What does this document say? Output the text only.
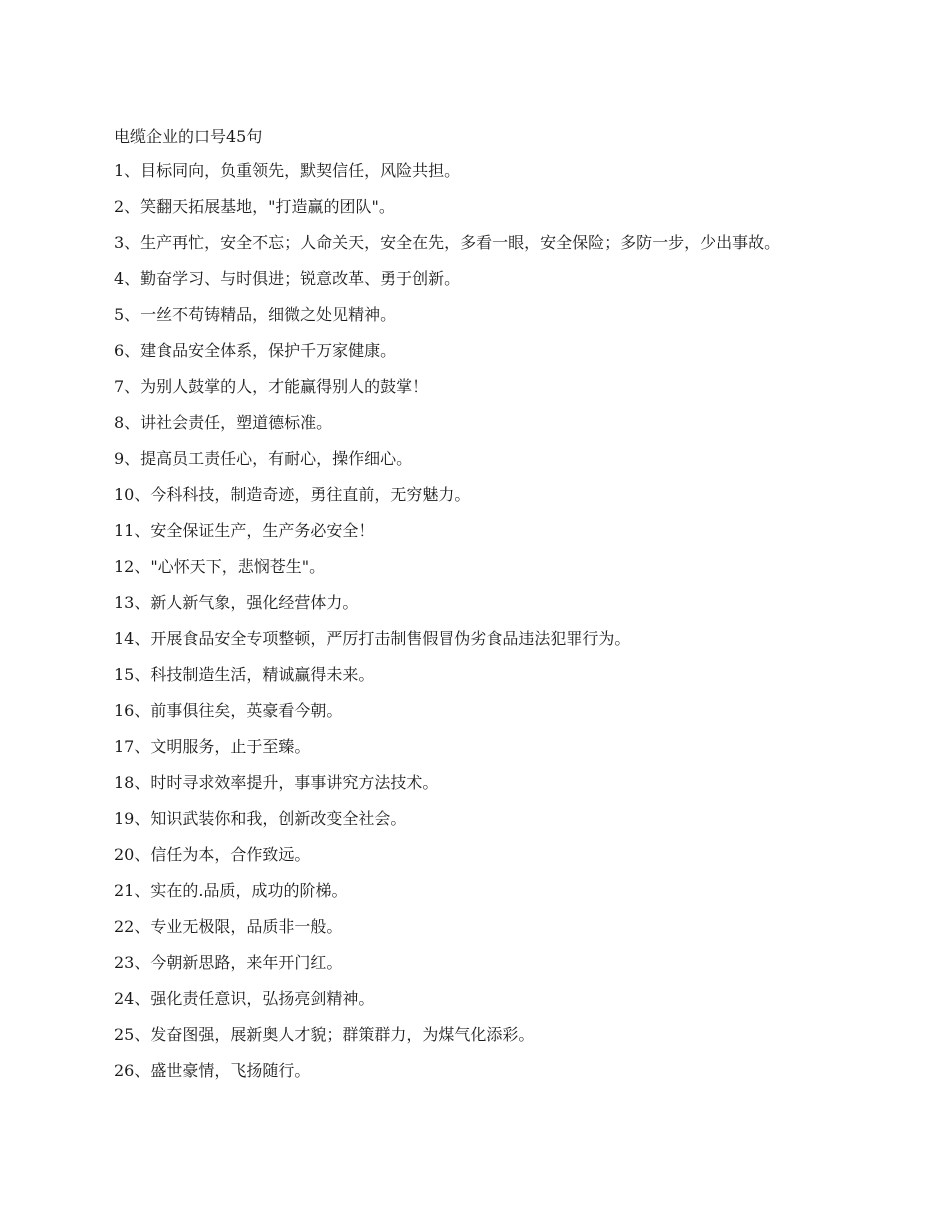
电缆企业的口号45句
1、目标同向，负重领先，默契信任，风险共担。
2、笑翻天拓展基地，"打造赢的团队"。
3、生产再忙，安全不忘；人命关天，安全在先，多看一眼，安全保险；多防一步，少出事故。
4、勤奋学习、与时俱进；锐意改革、勇于创新。
5、一丝不苟铸精品，细微之处见精神。
6、建食品安全体系，保护千万家健康。
7、为别人鼓掌的人，才能赢得别人的鼓掌！
8、讲社会责任，塑道德标准。
9、提高员工责任心，有耐心，操作细心。
10、今科科技，制造奇迹，勇往直前，无穷魅力。
11、安全保证生产，生产务必安全！
12、"心怀天下，悲悯苍生"。
13、新人新气象，强化经营体力。
14、开展食品安全专项整顿，严厉打击制售假冒伪劣食品违法犯罪行为。
15、科技制造生活，精诚赢得未来。
16、前事俱往矣，英豪看今朝。
17、文明服务，止于至臻。
18、时时寻求效率提升，事事讲究方法技术。
19、知识武装你和我，创新改变全社会。
20、信任为本，合作致远。
21、实在的.品质，成功的阶梯。
22、专业无极限，品质非一般。
23、今朝新思路，来年开门红。
24、强化责任意识，弘扬亮剑精神。
25、发奋图强，展新奥人才貌；群策群力，为煤气化添彩。
26、盛世豪情，飞扬随行。
